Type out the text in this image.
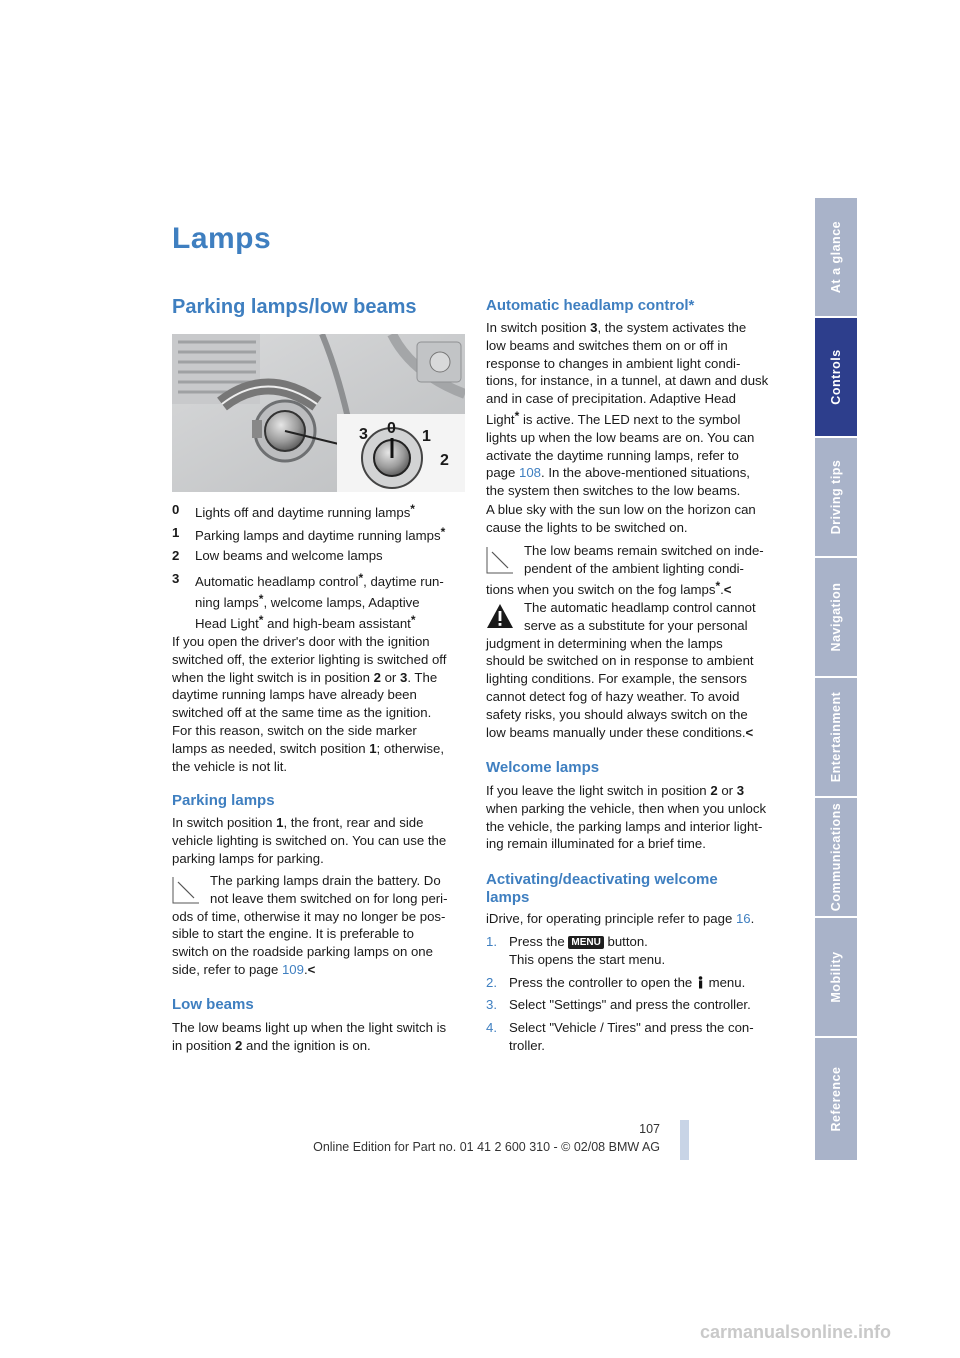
Lamps
Parking lamps/low beams
3 0 1
2
0 Lights off and daytime running lamps*
1 Parking lamps and daytime running lamps*
2 Low beams and welcome lamps
3 Automatic headlamp control*, daytime run-
ning lamps*, welcome lamps, Adaptive
Head Light* and high-beam assistant*
If you open the driver's door with the ignition
switched off, the exterior lighting is switched off
when the light switch is in position 2 or 3. The
daytime running lamps have already been
switched off at the same time as the ignition.
For this reason, switch on the side marker
lamps as needed, switch position 1; otherwise,
the vehicle is not lit.
Parking lamps
In switch position 1, the front, rear and side
vehicle lighting is switched on. You can use the
parking lamps for parking.
The parking lamps drain the battery. Do
not leave them switched on for long peri-
ods of time, otherwise it may no longer be pos-
sible to start the engine. It is preferable to
switch on the roadside parking lamps on one
side, refer to page 109.<
Low beams
The low beams light up when the light switch is
in position 2 and the ignition is on.
Automatic headlamp control*
In switch position 3, the system activates the
low beams and switches them on or off in
response to changes in ambient light condi-
tions, for instance, in a tunnel, at dawn and dusk
and in case of precipitation. Adaptive Head
Light* is active. The LED next to the symbol
lights up when the low beams are on. You can
activate the daytime running lamps, refer to
page 108. In the above-mentioned situations,
the system then switches to the low beams.
A blue sky with the sun low on the horizon can
cause the lights to be switched on.
The low beams remain switched on inde-
pendent of the ambient lighting condi-
tions when you switch on the fog lamps*.<
The automatic headlamp control cannot
serve as a substitute for your personal
judgment in determining when the lamps
should be switched on in response to ambient
lighting conditions. For example, the sensors
cannot detect fog of hazy weather. To avoid
safety risks, you should always switch on the
low beams manually under these conditions.<
Welcome lamps
If you leave the light switch in position 2 or 3
when parking the vehicle, then when you unlock
the vehicle, the parking lamps and interior light-
ing remain illuminated for a brief time.
Activating/deactivating welcome
lamps
iDrive, for operating principle refer to page 16.
1. Press the MENU button.
This opens the start menu.
2. Press the controller to open the  menu.
3. Select "Settings" and press the controller.
4. Select "Vehicle / Tires" and press the con-
troller.
At a glance
Controls
Driving tips
Navigation
Entertainment
Communications
Mobility
Reference
107
Online Edition for Part no. 01 41 2 600 310 - © 02/08 BMW AG
carmanualsonline.info
